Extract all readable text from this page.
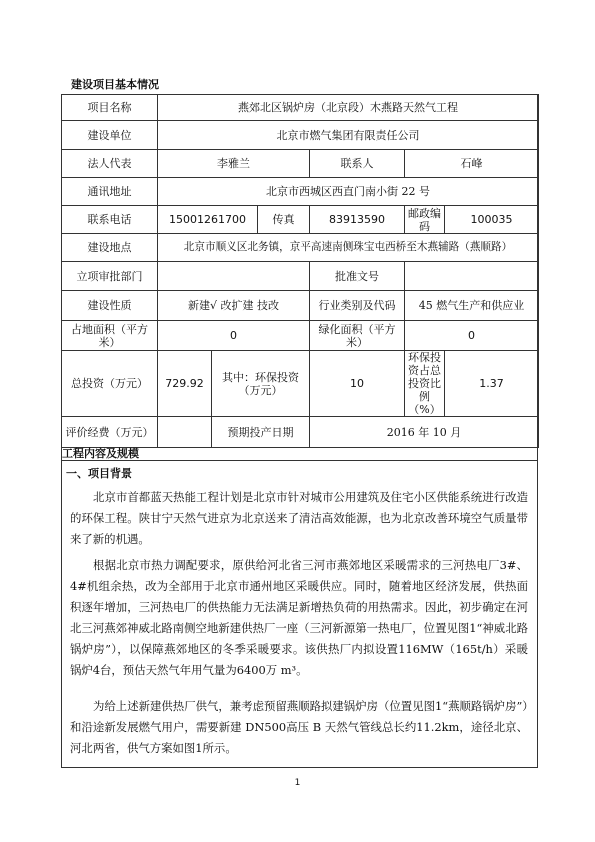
建设项目基本情况
项目名称	燕郊北区锅炉房（北京段）木燕路天然气工程					
建设单位	北京市燃气集团有限责任公司					
法人代表	李雅兰			联系人	石峰	
通讯地址	北京市西城区西直门南小街 22 号					
联系电话	15001261700		传真	83913590	邮政编码	100035
建设地点	北京市顺义区北务镇，京平高速南侧珠宝屯西桥至木燕辅路（燕顺路）					
立项审批部门				批准文号		
建设性质	新建√ 改扩建 技改			行业类别及代码	45 燃气生产和供应业	
占地面积（平方米）	0			绿化面积（平方米）	0	
总投资（万元）	729.92	其中：环保投资（万元）		10	环保投资占总投资比例（%）	1.37
评价经费（万元）		预期投产日期		2016 年 10 月		
工程内容及规模
一、项目背景
北京市首都蓝天热能工程计划是北京市针对城市公用建筑及住宅小区供能系统进行改造的环保工程。陕甘宁天然气进京为北京送来了清洁高效能源，也为北京改善环境空气质量带来了新的机遇。
根据北京市热力调配要求，原供给河北省三河市燕郊地区采暖需求的三河热电厂3#、4#机组余热，改为全部用于北京市通州地区采暖供应。同时，随着地区经济发展，供热面积逐年增加，三河热电厂的供热能力无法满足新增热负荷的用热需求。因此，初步确定在河北三河燕郊神威北路南侧空地新建供热厂一座（三河新源第一热电厂，位置见图1“神威北路锅炉房”），以保障燕郊地区的冬季采暖要求。该供热厂内拟设置116MW（165t/h）采暖锅炉4台，预估天然气年用气量为6400万 m³。
为给上述新建供热厂供气，兼考虑预留燕顺路拟建锅炉房（位置见图1“燕顺路锅炉房”）和沿途新发展燃气用户，需要新建 DN500高压 B 天然气管线总长约11.2km，途径北京、河北两省，供气方案如图1所示。
1
